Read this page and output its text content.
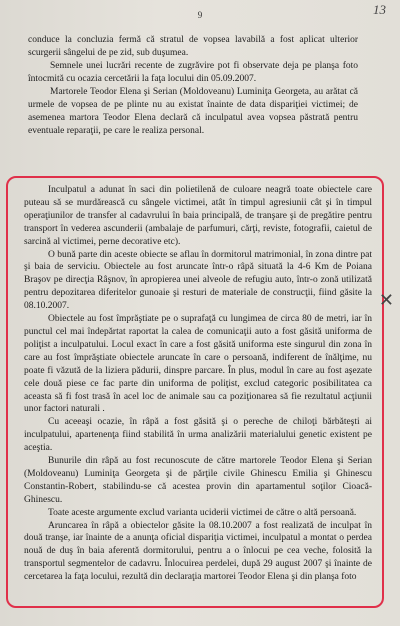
9	13

conduce la concluzia fermă că stratul de vopsea lavabilă a fost aplicat ulterior scurgerii sângelui de pe zid, sub duşumea.

Semnele unei lucrări recente de zugrăvire pot fi observate deja pe planşa foto întocmită cu ocazia cercetării la faţa locului din 05.09.2007.

Martorele Teodor Elena şi Serian (Moldoveanu) Luminiţa Georgeta, au arătat că urmele de vopsea de pe plinte nu au existat înainte de data dispariţiei victimei; de asemenea martora Teodor Elena declară că inculpatul avea vopsea păstrată pentru eventuale reparaţii, pe care le realiza personal.

Inculpatul a adunat în saci din polietilenă de culoare neagră toate obiectele care puteau să se murdărească cu sângele victimei, atât în timpul agresiunii cât şi în timpul operaţiunilor de transfer al cadavrului în baia principală, de tranşare şi de pregătire pentru transport în vederea ascunderii (ambalaje de parfumuri, cărţi, reviste, fotografii, caietul de sarcină al victimei, perne decorative etc).

O bună parte din aceste obiecte se aflau în dormitorul matrimonial, în zona dintre pat şi baia de serviciu. Obiectele au fost aruncate într-o râpă situată la 4-6 Km de Poiana Braşov pe direcţia Râşnov, în apropierea unei alveole de refugiu auto, într-o zonă utilizată pentru depozitarea diferitelor gunoaie şi resturi de materiale de construcţii, fiind găsite la 08.10.2007.

Obiectele au fost împrăştiate pe o suprafaţă cu lungimea de circa 80 de metri, iar în punctul cel mai îndepărtat raportat la calea de comunicaţii auto a fost găsită uniforma de poliţist a inculpatului. Locul exact în care a fost găsită uniforma este singurul din zona în care au fost împrăştiate obiectele aruncate în care o persoană, indiferent de înălţime, nu poate fi văzută de la liziera pădurii, dinspre parcare. În plus, modul în care au fost aşezate cele două piese ce fac parte din uniforma de poliţist, exclud categoric posibilitatea ca aceasta să fi fost trasă în acel loc de animale sau ca poziţionarea să fie rezultatul acţiunii unor factori naturali .

Cu aceeaşi ocazie, în râpă a fost găsită şi o pereche de chiloţi bărbăteşti ai inculpatului, apartenenţa fiind stabilită în urma analizării materialului genetic existent pe aceştia.

Bunurile din râpă au fost recunoscute de către martorele Teodor Elena şi Serian (Moldoveanu) Luminiţa Georgeta şi de părţile civile Ghinescu Emilia şi Ghinescu Constantin-Robert, stabilindu-se că acestea provin din apartamentul soţilor Cioacă-Ghinescu.

Toate aceste argumente exclud varianta uciderii victimei de către o altă persoană.

Aruncarea în râpă a obiectelor găsite la 08.10.2007 a fost realizată de inculpat în două tranşe, iar înainte de a anunţa oficial dispariţia victimei, inculpatul a montat o perdea nouă de duş în baia aferentă dormitorului, pentru a o înlocui pe cea veche, folosită la transportul segmentelor de cadavru. Înlocuirea perdelei, după 29 august 2007 şi înainte de cercetarea la faţa locului, rezultă din declaraţia martorei Teodor Elena şi din planşa foto

✕
